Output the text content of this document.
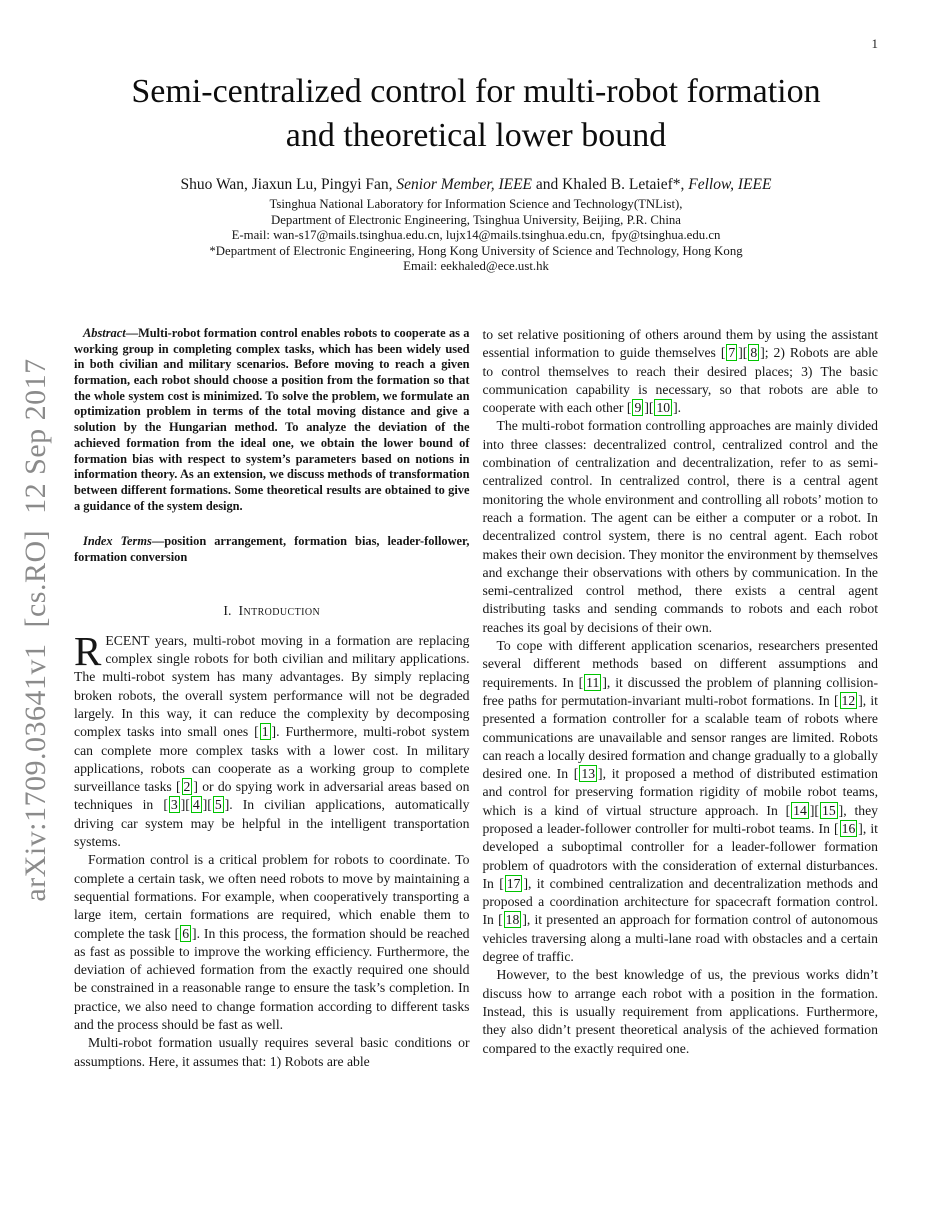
1
arXiv:1709.03641v1  [cs.RO]  12 Sep 2017
Semi-centralized control for multi-robot formation
and theoretical lower bound
Shuo Wan, Jiaxun Lu, Pingyi Fan, Senior Member, IEEE and Khaled B. Letaief*, Fellow, IEEE
Tsinghua National Laboratory for Information Science and Technology(TNList),
Department of Electronic Engineering, Tsinghua University, Beijing, P.R. China
E-mail: wan-s17@mails.tsinghua.edu.cn, lujx14@mails.tsinghua.edu.cn,  fpy@tsinghua.edu.cn
*Department of Electronic Engineering, Hong Kong University of Science and Technology, Hong Kong
Email: eekhaled@ece.ust.hk

Abstract—Multi-robot formation control enables robots to cooperate as a working group in completing complex tasks, which has been widely used in both civilian and military scenarios. Before moving to reach a given formation, each robot should choose a position from the formation so that the whole system cost is minimized. To solve the problem, we formulate an optimization problem in terms of the total moving distance and give a solution by the Hungarian method. To analyze the deviation of the achieved formation from the ideal one, we obtain the lower bound of formation bias with respect to system’s parameters based on notions in information theory. As an extension, we discuss methods of transformation between different formations. Some theoretical results are obtained to give a guidance of the system design.

Index Terms—position arrangement, formation bias, leader-follower, formation conversion

I. Introduction

RECENT years, multi-robot moving in a formation are replacing complex single robots for both civilian and military applications. The multi-robot system has many advantages. By simply replacing broken robots, the overall system performance will not be degraded largely. In this way, it can reduce the complexity by decomposing complex tasks into small ones [ 1 ]. Furthermore, multi-robot system can complete more complex tasks with a lower cost. In military applications, robots can cooperate as a working group to complete surveillance tasks [ 2 ] or do spying work in adversarial areas based on techniques in [ 3 ][ 4 ][ 5 ]. In civilian applications, automatically driving car system may be helpful in the intelligent transportation systems.

Formation control is a critical problem for robots to coordinate. To complete a certain task, we often need robots to move by maintaining a sequential formations. For example, when cooperatively transporting a large item, certain formations are required, which enable them to complete the task [ 6 ]. In this process, the formation should be reached as fast as possible to improve the working efficiency. Furthermore, the deviation of achieved formation from the exactly required one should be constrained in a reasonable range to ensure the task’s completion. In practice, we also need to change formation according to different tasks and the process should be fast as well.

Multi-robot formation usually requires several basic conditions or assumptions. Here, it assumes that: 1) Robots are able

to set relative positioning of others around them by using the assistant essential information to guide themselves [ 7 ][ 8 ]; 2) Robots are able to control themselves to reach their desired places; 3) The basic communication capability is necessary, so that robots are able to cooperate with each other [ 9 ][ 10 ].

The multi-robot formation controlling approaches are mainly divided into three classes: decentralized control, centralized control and the combination of centralization and decentralization, refer to as semi-centralized control. In centralized control, there is a central agent monitoring the whole environment and controlling all robots’ motion to reach a formation. The agent can be either a computer or a robot. In decentralized control system, there is no central agent. Each robot makes their own decision. They monitor the environment by themselves and exchange their observations with others by communication. In the semi-centralized control method, there exists a central agent distributing tasks and sending commands to robots and each robot reaches its goal by decisions of their own.

To cope with different application scenarios, researchers presented several different methods based on different assumptions and requirements. In [ 11 ], it discussed the problem of planning collision-free paths for permutation-invariant multi-robot formations. In [ 12 ], it presented a formation controller for a scalable team of robots where communications are unavailable and sensor ranges are limited. Robots can reach a locally desired formation and change gradually to a globally desired one. In [ 13 ], it proposed a method of distributed estimation and control for preserving formation rigidity of mobile robot teams, which is a kind of virtual structure approach. In [ 14 ][ 15 ], they proposed a leader-follower controller for multi-robot teams. In [ 16 ], it developed a suboptimal controller for a leader-follower formation problem of quadrotors with the consideration of external disturbances. In [ 17 ], it combined centralization and decentralization methods and proposed a coordination architecture for spacecraft formation control. In [ 18 ], it presented an approach for formation control of autonomous vehicles traversing along a multi-lane road with obstacles and a certain degree of traffic.

However, to the best knowledge of us, the previous works didn’t discuss how to arrange each robot with a position in the formation. Instead, this is usually requirement from applications. Furthermore, they also didn’t present theoretical analysis of the achieved formation compared to the exactly required one.
